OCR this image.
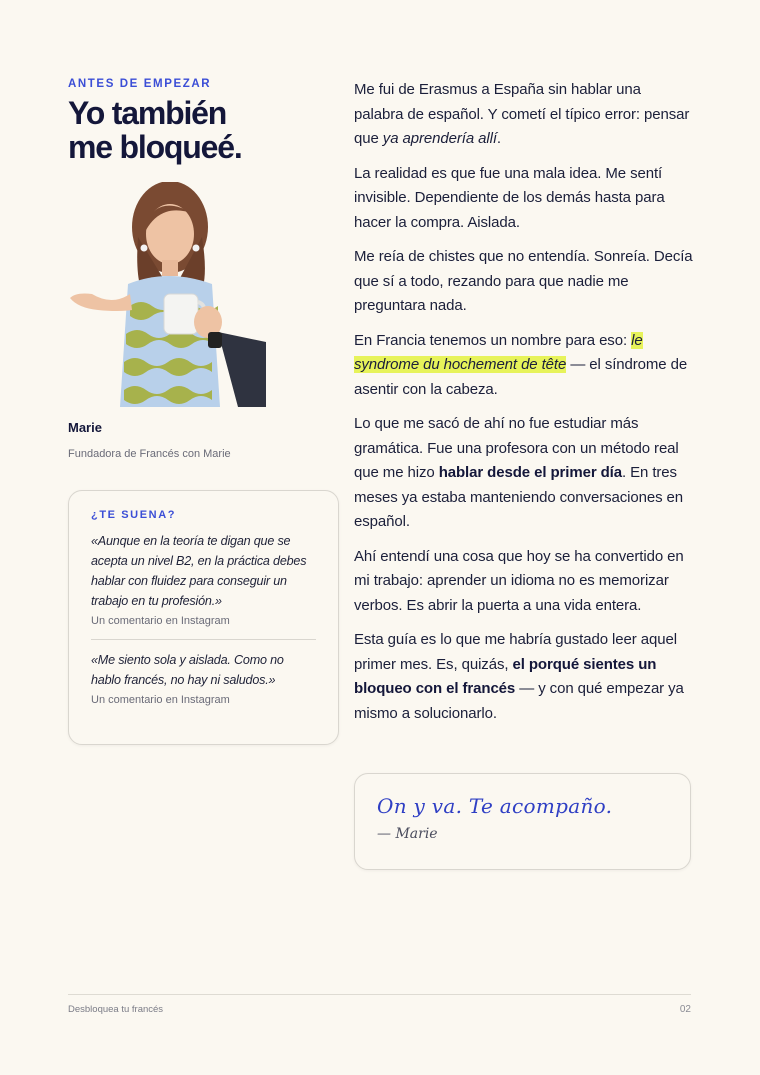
ANTES DE EMPEZAR
Yo también me bloqueé.
Marie
Fundadora de Francés con Marie
¿TE SUENA?
«Aunque en la teoría te digan que se acepta un nivel B2, en la práctica debes hablar con fluidez para conseguir un trabajo en tu profesión.»
Un comentario en Instagram
«Me siento sola y aislada. Como no hablo francés, no hay ni saludos.»
Un comentario en Instagram

Me fui de Erasmus a España sin hablar una palabra de español. Y cometí el típico error: pensar que ya aprendería allí.

La realidad es que fue una mala idea. Me sentí invisible. Dependiente de los demás hasta para hacer la compra. Aislada.

Me reía de chistes que no entendía. Sonreía. Decía que sí a todo, rezando para que nadie me preguntara nada.

En Francia tenemos un nombre para eso: le syndrome du hochement de tête — el síndrome de asentir con la cabeza.

Lo que me sacó de ahí no fue estudiar más gramática. Fue una profesora con un método real que me hizo hablar desde el primer día. En tres meses ya estaba manteniendo conversaciones en español.

Ahí entendí una cosa que hoy se ha convertido en mi trabajo: aprender un idioma no es memorizar verbos. Es abrir la puerta a una vida entera.

Esta guía es lo que me habría gustado leer aquel primer mes. Es, quizás, el porqué sientes un bloqueo con el francés — y con qué empezar ya mismo a solucionarlo.

On y va. Te acompaño.
— Marie
Desbloquea tu francés	02
